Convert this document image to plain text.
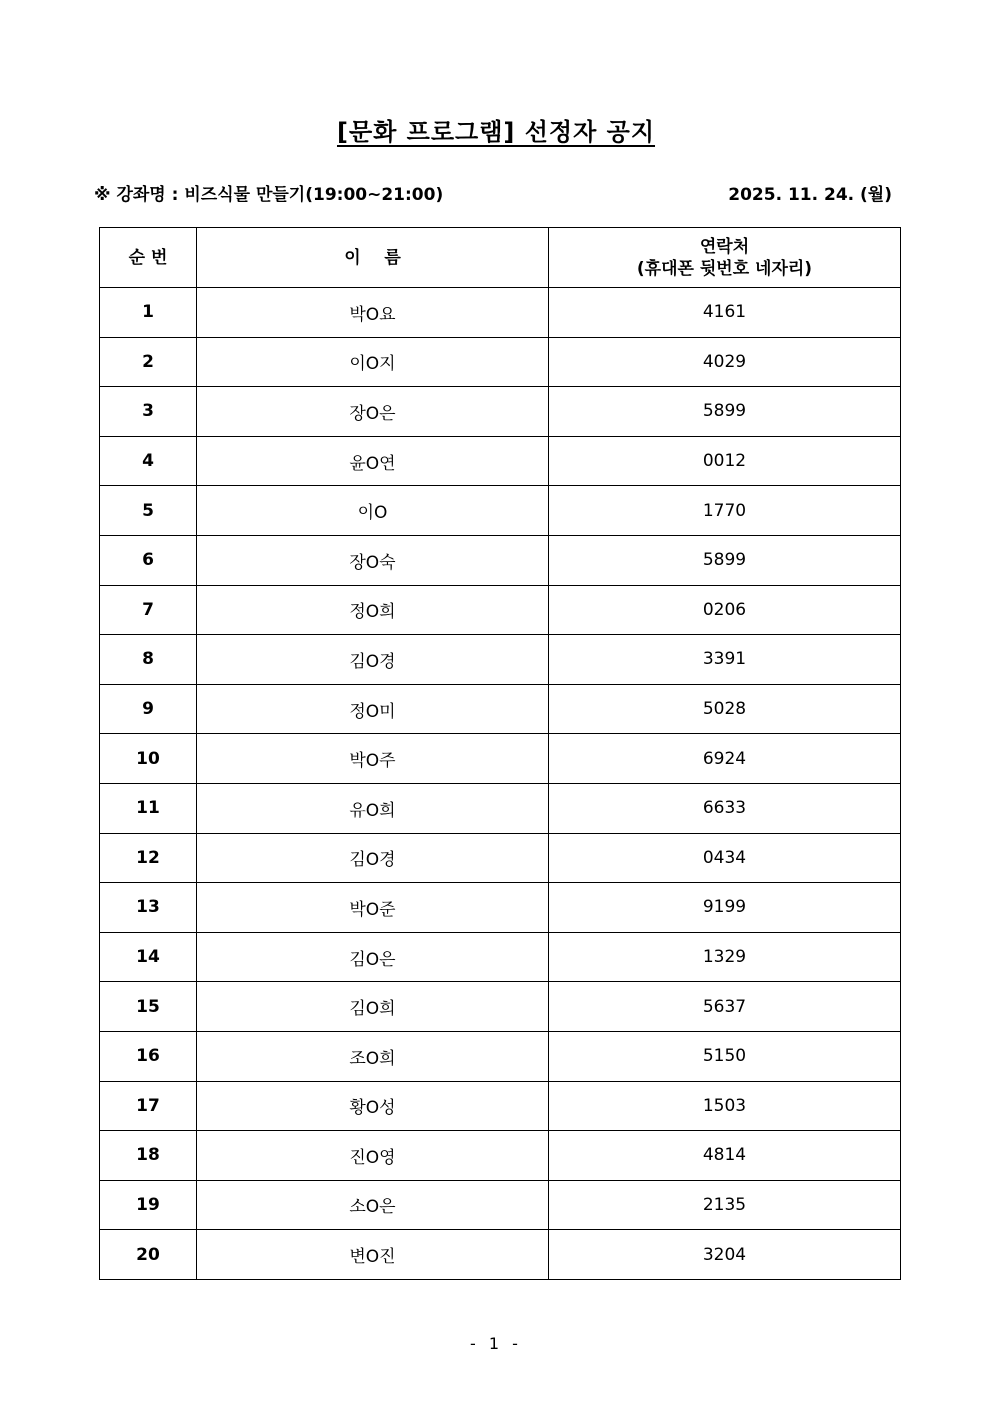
[문화 프로그램] 선정자 공지
※ 강좌명 : 비즈식물 만들기(19:00~21:00)	2025. 11. 24. (월)
순 번	이    름	연락처
(휴대폰 뒷번호 네자리)

1	박O요	4161
2	이O지	4029
3	장O은	5899
4	윤O연	0012
5	이O	1770
6	장O숙	5899
7	정O희	0206
8	김O경	3391
9	정O미	5028
10	박O주	6924
11	유O희	6633
12	김O경	0434
13	박O준	9199
14	김O은	1329
15	김O희	5637
16	조O희	5150
17	황O성	1503
18	진O영	4814
19	소O은	2135
20	변O진	3204
- 1 -
